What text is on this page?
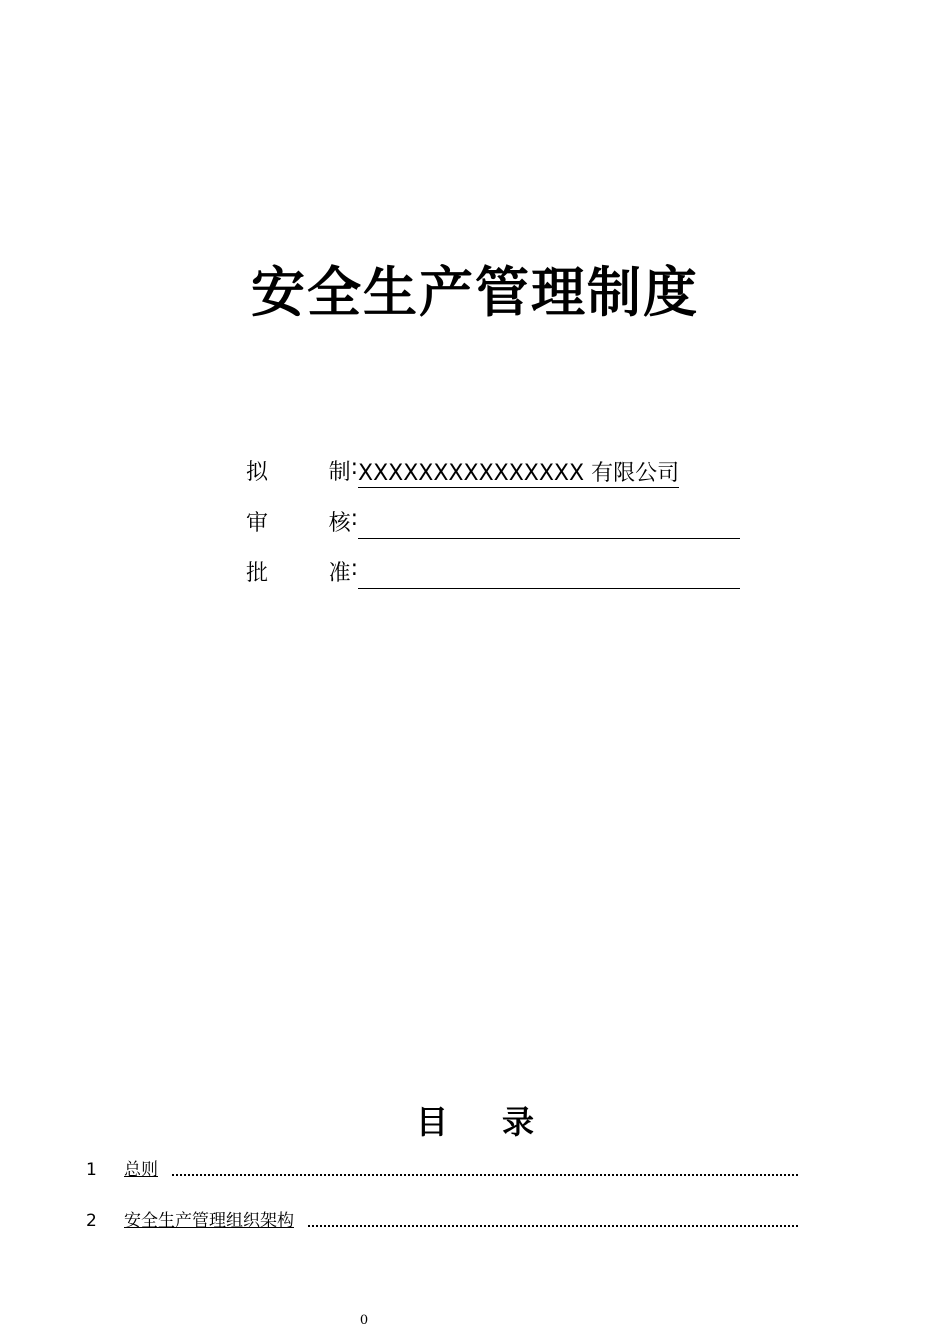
安全生产管理制度
拟	制 : XXXXXXXXXXXXXXX 有限公司
审	核 :
批	准 :
目 录
1	总则
2	安全生产管理组织架构
0
